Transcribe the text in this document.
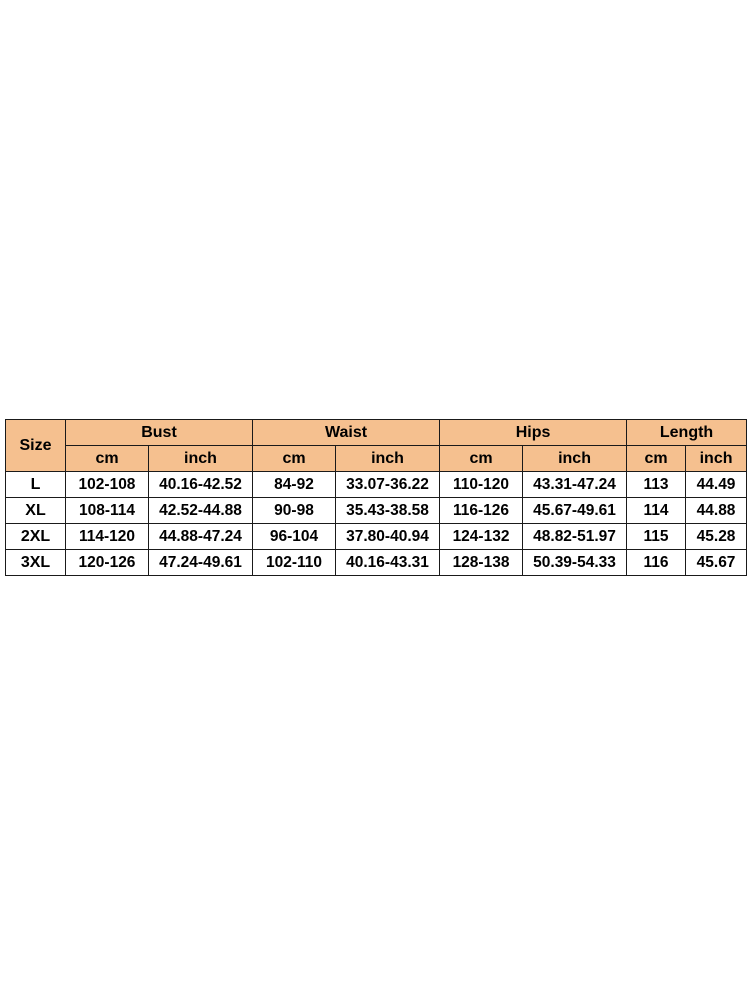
Size	Bust		Waist		Hips		Length	
	cm	inch	cm	inch	cm	inch	cm	inch
L	102-108	40.16-42.52	84-92	33.07-36.22	110-120	43.31-47.24	113	44.49
XL	108-114	42.52-44.88	90-98	35.43-38.58	116-126	45.67-49.61	114	44.88
2XL	114-120	44.88-47.24	96-104	37.80-40.94	124-132	48.82-51.97	115	45.28
3XL	120-126	47.24-49.61	102-110	40.16-43.31	128-138	50.39-54.33	116	45.67
